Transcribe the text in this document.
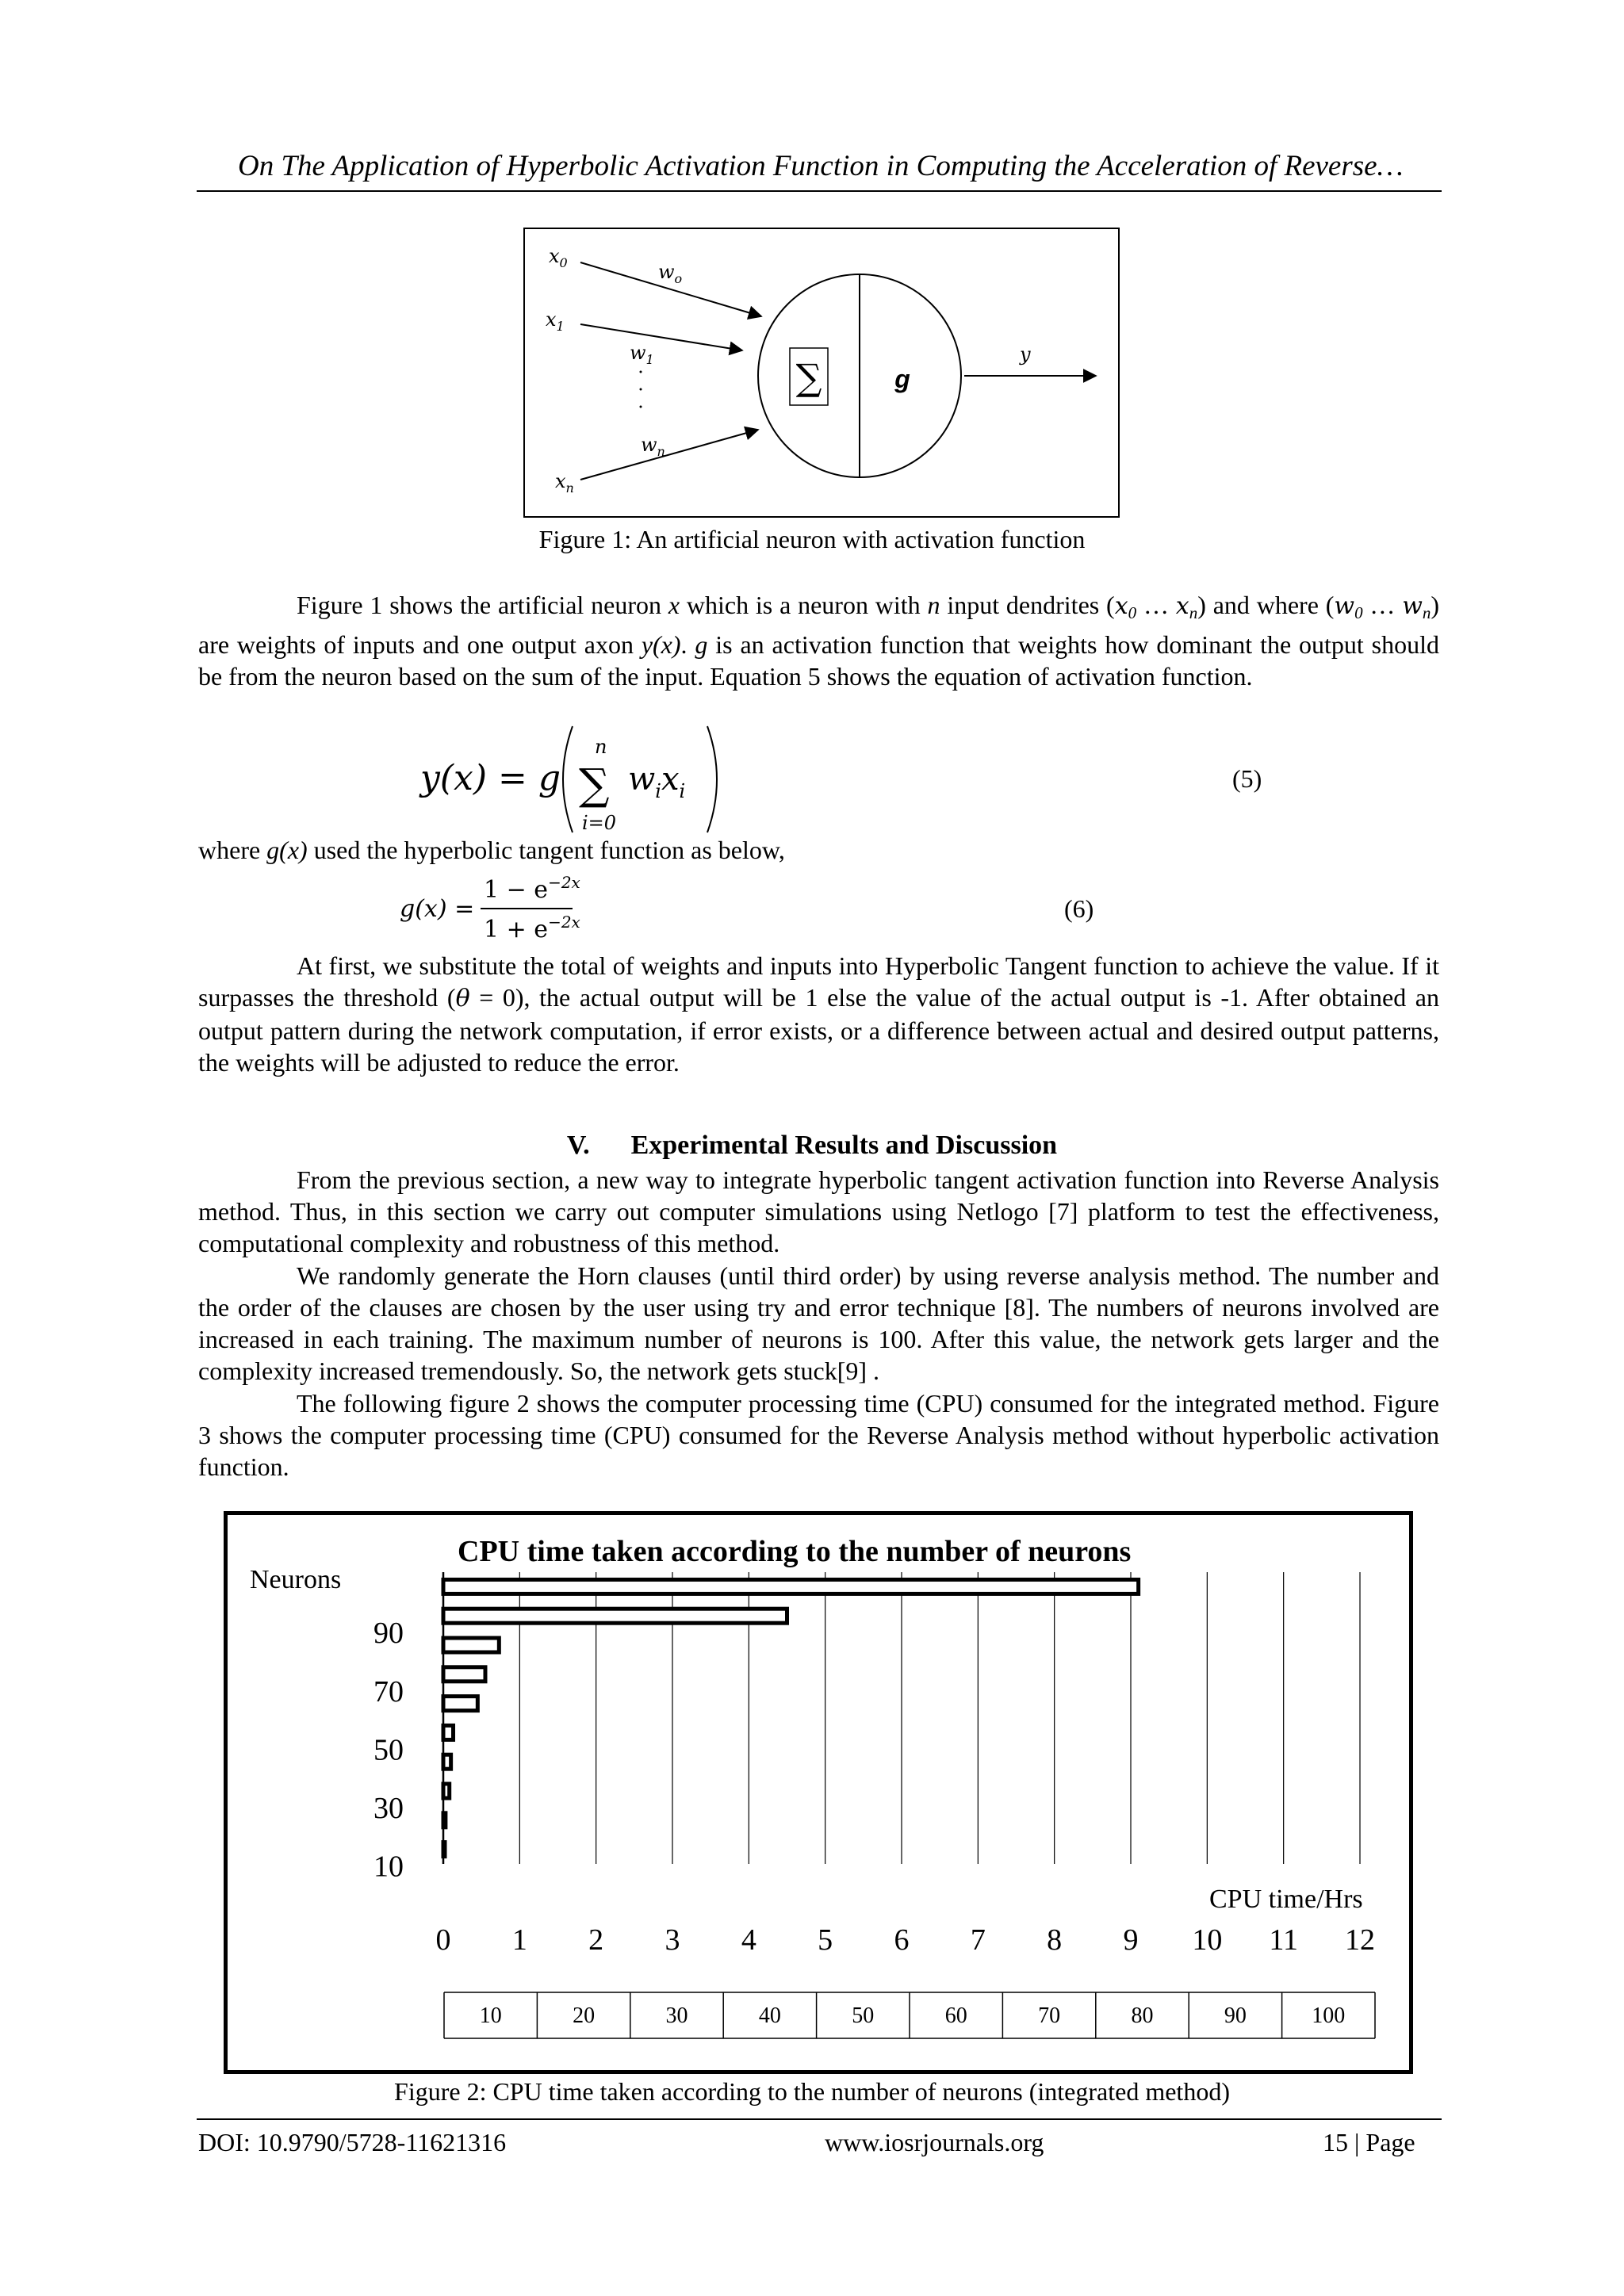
On The Application of Hyperbolic Activation Function in Computing the Acceleration of Reverse…
∑	g
y
$x_0$	$w_o$
$x_1$
$w_1$
$w_n$
$x_n$
Figure 1: An artificial neuron with activation function

Figure 1 shows the artificial neuron x which is a neuron with n input dendrites ($x_0$ … $x_n$) and where ($w_0$ … $w_n$) are weights of inputs and one output axon y(x). g is an activation function that weights how dominant the output should be from the neuron based on the sum of the input. Equation 5 shows the equation of activation function.

y(x) = g
n
∑
i=0
$w_ix_i$	(5)

where g(x) used the hyperbolic tangent function as below,

g(x) =
$1 - e^{-2x}$
$1 + e^{-2x}$	(6)

At first, we substitute the total of weights and inputs into Hyperbolic Tangent function to achieve the value. If it surpasses the threshold (θ = 0), the actual output will be 1 else the value of the actual output is -1. After obtained an output pattern during the network computation, if error exists, or a difference between actual and desired output patterns, the weights will be adjusted to reduce the error.

V. Experimental Results and Discussion

From the previous section, a new way to integrate hyperbolic tangent activation function into Reverse Analysis method. Thus, in this section we carry out computer simulations using Netlogo [7] platform to test the effectiveness, computational complexity and robustness of this method.

We randomly generate the Horn clauses (until third order) by using reverse analysis method. The number and the order of the clauses are chosen by the user using try and error technique [8]. The numbers of neurons involved are increased in each training. The maximum number of neurons is 100. After this value, the network gets larger and the complexity increased tremendously. So, the network gets stuck[9] .

The following figure 2 shows the computer processing time (CPU) consumed for the integrated method. Figure 3 shows the computer processing time (CPU) consumed for the Reverse Analysis method without hyperbolic activation function.

CPU time taken according to the number of neurons
Neurons
CPU time/Hrs
10
30
50
70
90
0 1 2 3 4 5 6 7 8 9 10 11 12
10	20	30	40	50	60	70	80	90	100
Figure 2: CPU time taken according to the number of neurons (integrated method)
DOI: 10.9790/5728-11621316	www.iosrjournals.org	15 | Page
